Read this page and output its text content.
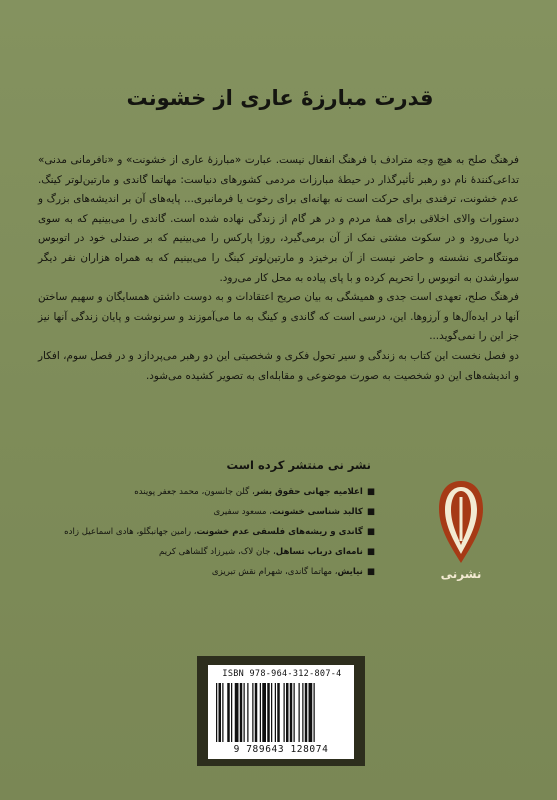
قدرت مبارزهٔ عاری از خشونت

فرهنگ صلح به هیچ وجه مترادف با فرهنگ انفعال نیست. عبارت «مبارزهٔ عاری از خشونت» و «نافرمانی مدنی» تداعی‌کنندهٔ نام دو رهبر تأثیرگذار در حیطهٔ مبارزات مردمی کشورهای دنیاست: مهاتما گاندی و مارتین‌لوتر کینگ. عدم خشونت، ترفندی برای حرکت است نه بهانه‌ای برای رخوت یا فرمانبری... پایه‌های آن بر اندیشه‌های بزرگ و دستورات والای اخلاقی برای همهٔ مردم و در هر گام از زندگی نهاده شده است. گاندی را می‌بینیم که به سوی دریا می‌رود و در سکوت مشتی نمک از آن برمی‌گیرد، روزا پارکس را می‌بینیم که بر صندلی خود در اتوبوس مونتگامری نشسته و حاضر نیست از آن برخیزد و مارتین‌لوتر کینگ را می‌بینیم که به همراه هزاران نفر دیگر سوارشدن به اتوبوس را تحریم کرده و با پای پیاده به محل کار می‌رود.

فرهنگ صلح، تعهدی است جدی و همیشگی به بیان صریح اعتقادات و به دوست داشتن همسایگان و سهیم ساختن آنها در ایده‌آل‌ها و آرزوها. این، درسی است که گاندی و کینگ به ما می‌آموزند و سرنوشت و پایان زندگی آنها نیز جز این را نمی‌گوید...

دو فصل نخست این کتاب به زندگی و سیر تحول فکری و شخصیتی این دو رهبر می‌پردازد و در فصل سوم، افکار و اندیشه‌های این دو شخصیت به صورت موضوعی و مقابله‌ای به تصویر کشیده می‌شود.

نشر نی منتشر کرده است
■اعلامیه جهانی حقوق بشر، گلن جانسون، محمد جعفر پوینده
■کالبد شناسی خشونت، مسعود سفیری
■گاندی و ریشه‌های فلسفی عدم خشونت، رامین جهانبگلو، هادی اسماعیل زاده
■نامه‌ای درباب تساهل، جان لاک، شیرزاد گلشاهی کریم
■نیایش، مهاتما گاندی، شهرام نقش تبریزی	نشرنی
ISBN 978-964-312-807-4
9 789643 128074
